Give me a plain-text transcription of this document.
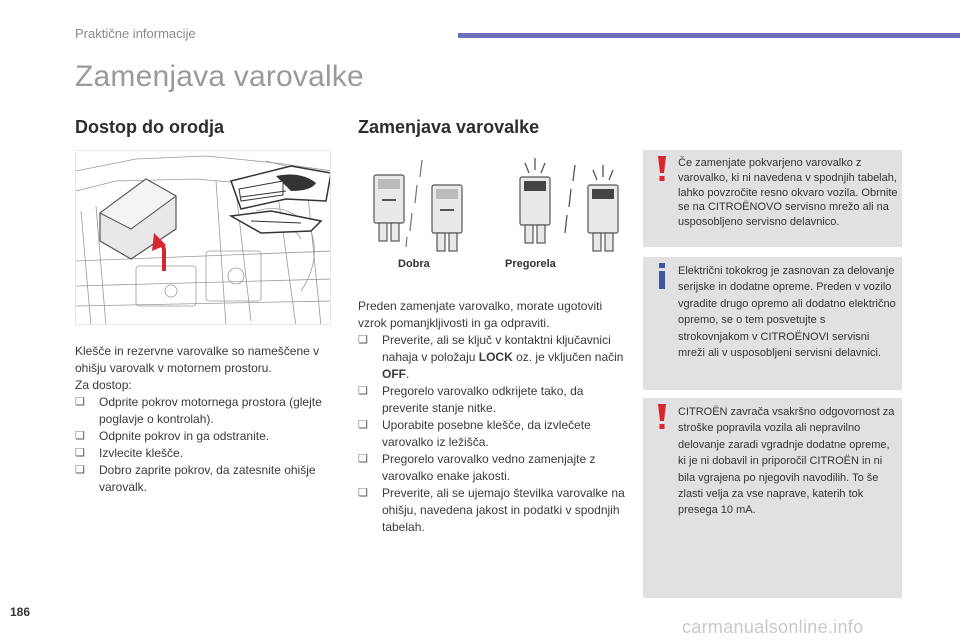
Praktične informacije
Zamenjava varovalke
Dostop do orodja	Zamenjava varovalke

Klešče in rezervne varovalke so nameščene v ohišju varovalk v motornem prostoru.

Za dostop:

❏ Odprite pokrov motornega prostora (glejte poglavje o kontrolah).
❏ Odpnite pokrov in ga odstranite.
❏ Izvlecite klešče.
❏ Dobro zaprite pokrov, da zatesnite ohišje varovalk.
Dobra	Pregorela

Preden zamenjate varovalko, morate ugotoviti vzrok pomanjkljivosti in ga odpraviti.

❏ Preverite, ali se ključ v kontaktni ključavnici nahaja v položaju LOCK oz. je vključen način OFF.
❏ Pregorelo varovalko odkrijete tako, da preverite stanje nitke.
❏ Uporabite posebne klešče, da izvlečete varovalko iz ležišča.
❏ Pregorelo varovalko vedno zamenjajte z varovalko enake jakosti.
❏ Preverite, ali se ujemajo številka varovalke na ohišju, navedena jakost in podatki v spodnjih tabelah.
Če zamenjate pokvarjeno varovalko z varovalko, ki ni navedena v spodnjih tabelah, lahko povzročite resno okvaro vozila. Obrnite se na CITROËNOVO servisno mrežo ali na usposobljeno servisno delavnico.
Električni tokokrog je zasnovan za delovanje serijske in dodatne opreme. Preden v vozilo vgradite drugo opremo ali dodatno električno opremo, se o tem posvetujte s strokovnjakom v CITROËNOVI servisni mreži ali v usposobljeni servisni delavnici.
CITROËN zavrača vsakršno odgovornost za stroške popravila vozila ali nepravilno delovanje zaradi vgradnje dodatne opreme, ki je ni dobavil in priporočil CITROËN in ni bila vgrajena po njegovih navodilih. To še zlasti velja za vse naprave, katerih tok presega 10 mA.
186
carmanualsonline.info
